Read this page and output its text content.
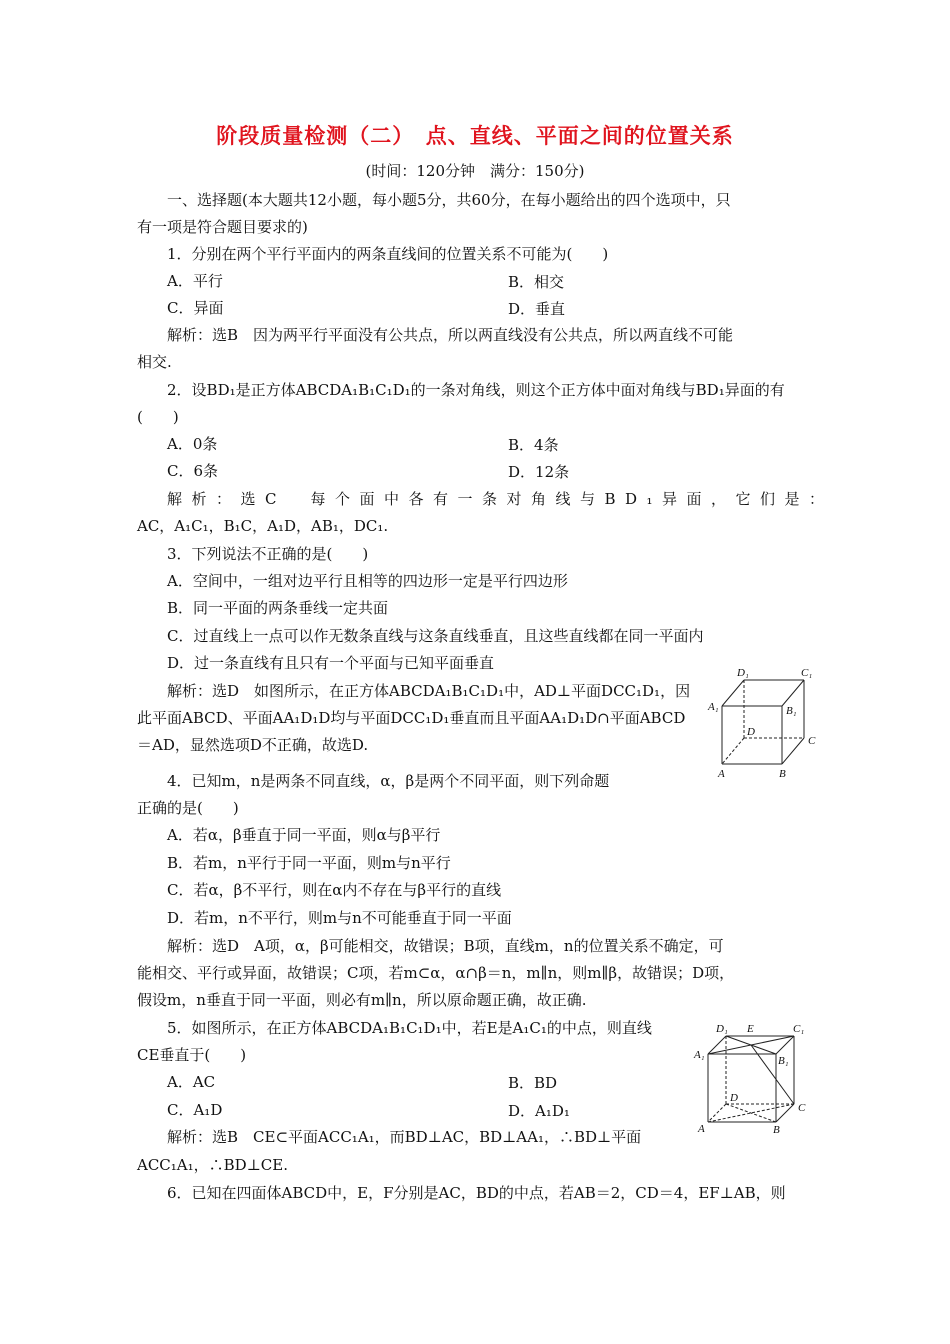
阶段质量检测（二）　点、直线、平面之间的位置关系
(时间：120分钟　满分：150分)
一、选择题(本大题共12小题，每小题5分，共60分，在每小题给出的四个选项中，只
有一项是符合题目要求的)
1．分别在两个平行平面内的两条直线间的位置关系不可能为(　　)
A．平行	B．相交
C．异面	D．垂直
解析：选B　因为两平行平面没有公共点，所以两直线没有公共点，所以两直线不可能
相交.
2．设BD₁是正方体ABCDA₁B₁C₁D₁的一条对角线，则这个正方体中面对角线与BD₁异面的有
(　　)
A．0条	B．4条
C．6条	D．12条
解析：选C　每个面中各有一条对角线与BD₁异面，它们是：
AC，A₁C₁，B₁C，A₁D，AB₁，DC₁.
3．下列说法不正确的是(　　)
A．空间中，一组对边平行且相等的四边形一定是平行四边形
B．同一平面的两条垂线一定共面
C．过直线上一点可以作无数条直线与这条直线垂直，且这些直线都在同一平面内
D．过一条直线有且只有一个平面与已知平面垂直
解析：选D　如图所示，在正方体ABCDA₁B₁C₁D₁中，AD⊥平面DCC₁D₁，因
此平面ABCD、平面AA₁D₁D均与平面DCC₁D₁垂直而且平面AA₁D₁D∩平面ABCD
＝AD，显然选项D不正确，故选D.
D₁	C₁
A₁	B₁
D
C
A	B
4．已知m，n是两条不同直线，α，β是两个不同平面，则下列命题
正确的是(　　)
A．若α，β垂直于同一平面，则α与β平行
B．若m，n平行于同一平面，则m与n平行
C．若α，β不平行，则在α内不存在与β平行的直线
D．若m，n不平行，则m与n不可能垂直于同一平面
解析：选D　A项，α，β可能相交，故错误；B项，直线m，n的位置关系不确定，可
能相交、平行或异面，故错误；C项，若m⊂α，α∩β＝n，m∥n，则m∥β，故错误；D项，
假设m，n垂直于同一平面，则必有m∥n，所以原命题正确，故正确.
5．如图所示，在正方体ABCDA₁B₁C₁D₁中，若E是A₁C₁的中点，则直线
CE垂直于(　　)
A．AC	B．BD
C．A₁D	D．A₁D₁
解析：选B　CE⊂平面ACC₁A₁，而BD⊥AC，BD⊥AA₁，∴BD⊥平面
ACC₁A₁，∴BD⊥CE.
D₁ E	C₁
A₁	B₁
D
C
A	B
6．已知在四面体ABCD中，E，F分别是AC，BD的中点，若AB＝2，CD＝4，EF⊥AB，则
